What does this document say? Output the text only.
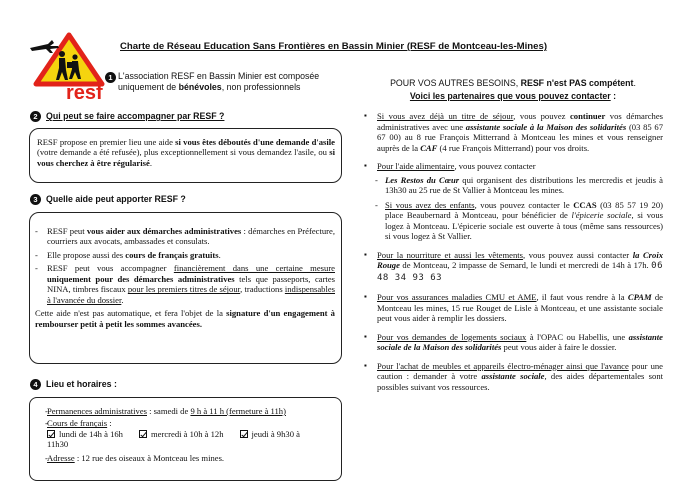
resf
Charte de Réseau Education Sans Frontières en Bassin Minier (RESF de Montceau-les-Mines)
1 L'association RESF en Bassin Minier est composée uniquement de bénévoles, non professionnels
2 Qui peut se faire accompagner par RESF ?
RESF propose en premier lieu une aide si vous êtes déboutés d'une demande d'asile (votre demande a été refusée), plus exceptionnellement si vous demandez l'asile, ou si vous cherchez à être régularisé.
3 Quelle aide peut apporter RESF ?
- RESF peut vous aider aux démarches administratives : démarches en Préfecture, courriers aux avocats, ambassades et consulats.
- Elle propose aussi des cours de français gratuits.
- RESF peut vous accompagner financièrement dans une certaine mesure uniquement pour des démarches administratives tels que passeports, cartes NINA, timbres fiscaux pour les premiers titres de séjour, traductions indispensables à l'avancée du dossier.
Cette aide n'est pas automatique, et fera l'objet de la signature d'un engagement à rembourser petit à petit les sommes avancées.
4 Lieu et horaires :
- Permanences administratives : samedi de 9 h à 11 h (fermeture à 11h)
- Cours de français :
lundi de 14h à 16h	mercredi à 10h à 12h	jeudi à 9h30 à
11h30
- Adresse : 12 rue des oiseaux à Montceau les mines.
POUR VOS AUTRES BESOINS, RESF n'est PAS compétent.
Voici les partenaires que vous pouvez contacter :
▪ Si vous avez déjà un titre de séjour, vous pouvez continuer vos démarches administratives avec une assistante sociale à la Maison des solidarités (03 85 67 67 00) au 8 rue François Mitterrand à Montceau les mines et vous renseigner auprès de la CAF (4 rue François Mitterrand) pour vos droits.
▪ Pour l'aide alimentaire, vous pouvez contacter
- Les Restos du Cœur qui organisent des distributions les mercredis et jeudis à 13h30 au 25 rue de St Vallier à Montceau les mines.
- Si vous avez des enfants, vous pouvez contacter le CCAS (03 85 57 19 20) place Beaubernard à Montceau, pour bénéficier de l'épicerie sociale, si vous logez à Montceau. L'épicerie sociale est ouverte à tous (même sans ressources) si vous logez à St Vallier.
▪ Pour la nourriture et aussi les vêtements, vous pouvez aussi contacter la Croix Rouge de Montceau, 2 impasse de Semard, le lundi et mercredi de 14h à 17h. 06 48 34 93 63
▪ Pour vos assurances maladies CMU et AME, il faut vous rendre à la CPAM de Montceau les mines, 15 rue Rouget de Lisle à Montceau, et une assistante sociale peut vous aider à remplir les dossiers.
▪ Pour vos demandes de logements sociaux à l'OPAC ou Habellis, une assistante sociale de la Maison des solidarités peut vous aider à faire le dossier.
▪ Pour l'achat de meubles et appareils électro-ménager ainsi que l'avance pour une caution : demander à votre assistante sociale, des aides départementales sont possibles suivant vos ressources.
